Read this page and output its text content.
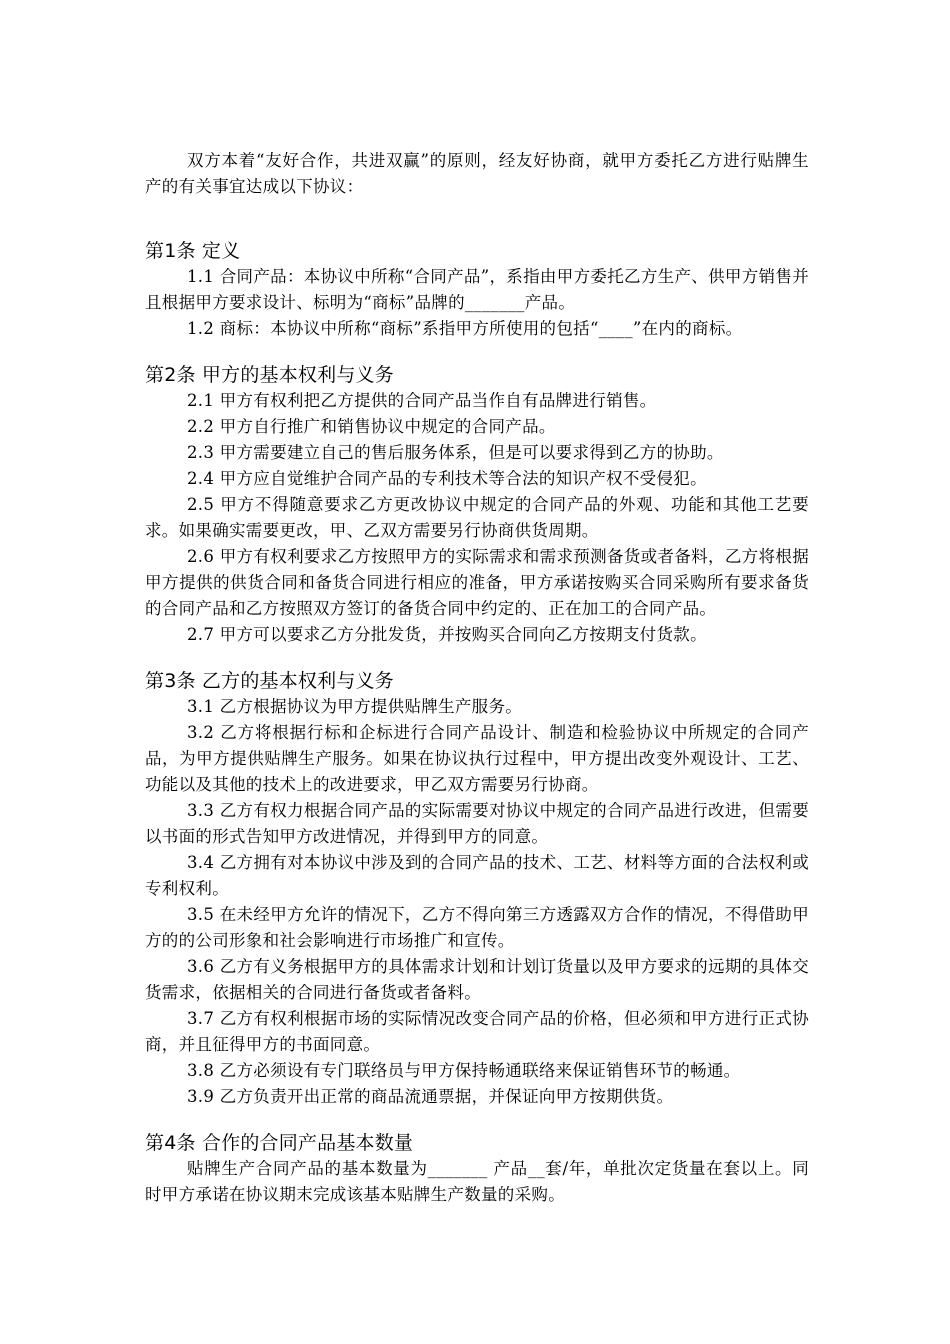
双方本着“友好合作，共进双赢”的原则，经友好协商，就甲方委托乙方进行贴牌生产的有关事宜达成以下协议：

第1条 定义

1.1 合同产品：本协议中所称“合同产品”，系指由甲方委托乙方生产、供甲方销售并且根据甲方要求设计、标明为“商标”品牌的_______产品。

1.2 商标：本协议中所称“商标”系指甲方所使用的包括“____”在内的商标。

第2条 甲方的基本权利与义务

2.1 甲方有权利把乙方提供的合同产品当作自有品牌进行销售。

2.2 甲方自行推广和销售协议中规定的合同产品。

2.3 甲方需要建立自己的售后服务体系，但是可以要求得到乙方的协助。

2.4 甲方应自觉维护合同产品的专利技术等合法的知识产权不受侵犯。

2.5 甲方不得随意要求乙方更改协议中规定的合同产品的外观、功能和其他工艺要求。如果确实需要更改，甲、乙双方需要另行协商供货周期。

2.6 甲方有权利要求乙方按照甲方的实际需求和需求预测备货或者备料，乙方将根据甲方提供的供货合同和备货合同进行相应的准备，甲方承诺按购买合同采购所有要求备货的合同产品和乙方按照双方签订的备货合同中约定的、正在加工的合同产品。

2.7 甲方可以要求乙方分批发货，并按购买合同向乙方按期支付货款。

第3条 乙方的基本权利与义务

3.1 乙方根据协议为甲方提供贴牌生产服务。

3.2 乙方将根据行标和企标进行合同产品设计、制造和检验协议中所规定的合同产品，为甲方提供贴牌生产服务。如果在协议执行过程中，甲方提出改变外观设计、工艺、功能以及其他的技术上的改进要求，甲乙双方需要另行协商。

3.3 乙方有权力根据合同产品的实际需要对协议中规定的合同产品进行改进，但需要以书面的形式告知甲方改进情况，并得到甲方的同意。

3.4 乙方拥有对本协议中涉及到的合同产品的技术、工艺、材料等方面的合法权利或专利权利。

3.5 在未经甲方允许的情况下，乙方不得向第三方透露双方合作的情况，不得借助甲方的的公司形象和社会影响进行市场推广和宣传。

3.6 乙方有义务根据甲方的具体需求计划和计划订货量以及甲方要求的远期的具体交货需求，依据相关的合同进行备货或者备料。

3.7 乙方有权利根据市场的实际情况改变合同产品的价格，但必须和甲方进行正式协商，并且征得甲方的书面同意。

3.8 乙方必须设有专门联络员与甲方保持畅通联络来保证销售环节的畅通。

3.9 乙方负责开出正常的商品流通票据，并保证向甲方按期供货。

第4条 合作的合同产品基本数量

贴牌生产合同产品的基本数量为_______ 产品__套/年，单批次定货量在套以上。同时甲方承诺在协议期末完成该基本贴牌生产数量的采购。
